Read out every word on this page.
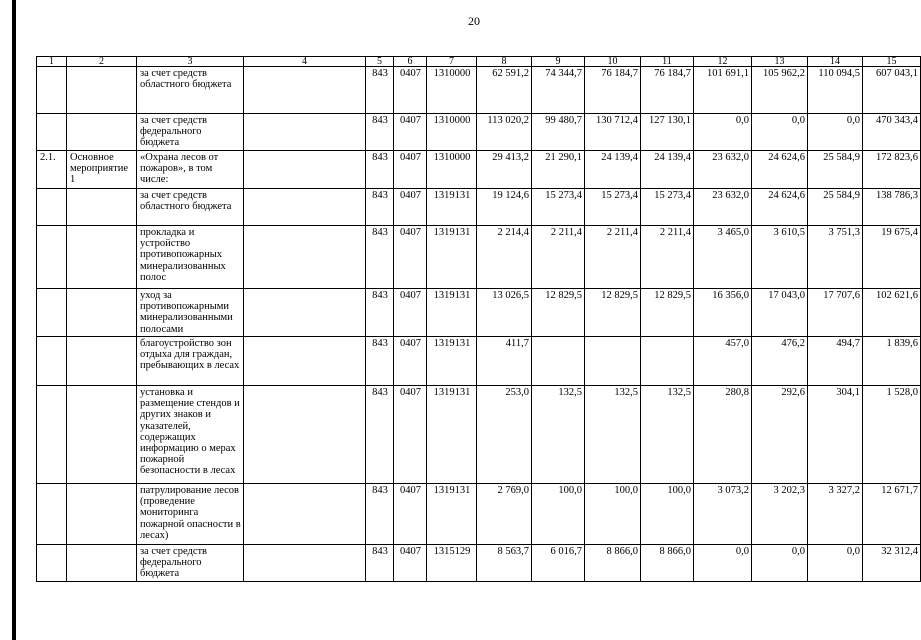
20
1	2	3	4	5	6	7	8	9	10	11	12	13	14	15
		за счет средств областного бюджета		843	0407	1310000	62 591,2	74 344,7	76 184,7	76 184,7	101 691,1	105 962,2	110 094,5	607 043,1
		за счет средств федерального бюджета		843	0407	1310000	113 020,2	99 480,7	130 712,4	127 130,1	0,0	0,0	0,0	470 343,4
2.1.	Основное мероприятие 1	«Охрана лесов от пожаров», в том числе:		843	0407	1310000	29 413,2	21 290,1	24 139,4	24 139,4	23 632,0	24 624,6	25 584,9	172 823,6
		за счет средств областного бюджета		843	0407	1319131	19 124,6	15 273,4	15 273,4	15 273,4	23 632,0	24 624,6	25 584,9	138 786,3
		прокладка и устройство противопожарных минерализованных полос		843	0407	1319131	2 214,4	2 211,4	2 211,4	2 211,4	3 465,0	3 610,5	3 751,3	19 675,4
		уход за противопожарными минерализованными полосами		843	0407	1319131	13 026,5	12 829,5	12 829,5	12 829,5	16 356,0	17 043,0	17 707,6	102 621,6
		благоустройство зон отдыха для граждан, пребывающих в лесах		843	0407	1319131	411,7				457,0	476,2	494,7	1 839,6
		установка и размещение стендов и других знаков и указателей, содержащих информацию о мерах пожарной безопасности в лесах		843	0407	1319131	253,0	132,5	132,5	132,5	280,8	292,6	304,1	1 528,0
		патрулирование лесов (проведение мониторинга пожарной опасности в лесах)		843	0407	1319131	2 769,0	100,0	100,0	100,0	3 073,2	3 202,3	3 327,2	12 671,7
		за счет средств федерального бюджета		843	0407	1315129	8 563,7	6 016,7	8 866,0	8 866,0	0,0	0,0	0,0	32 312,4
